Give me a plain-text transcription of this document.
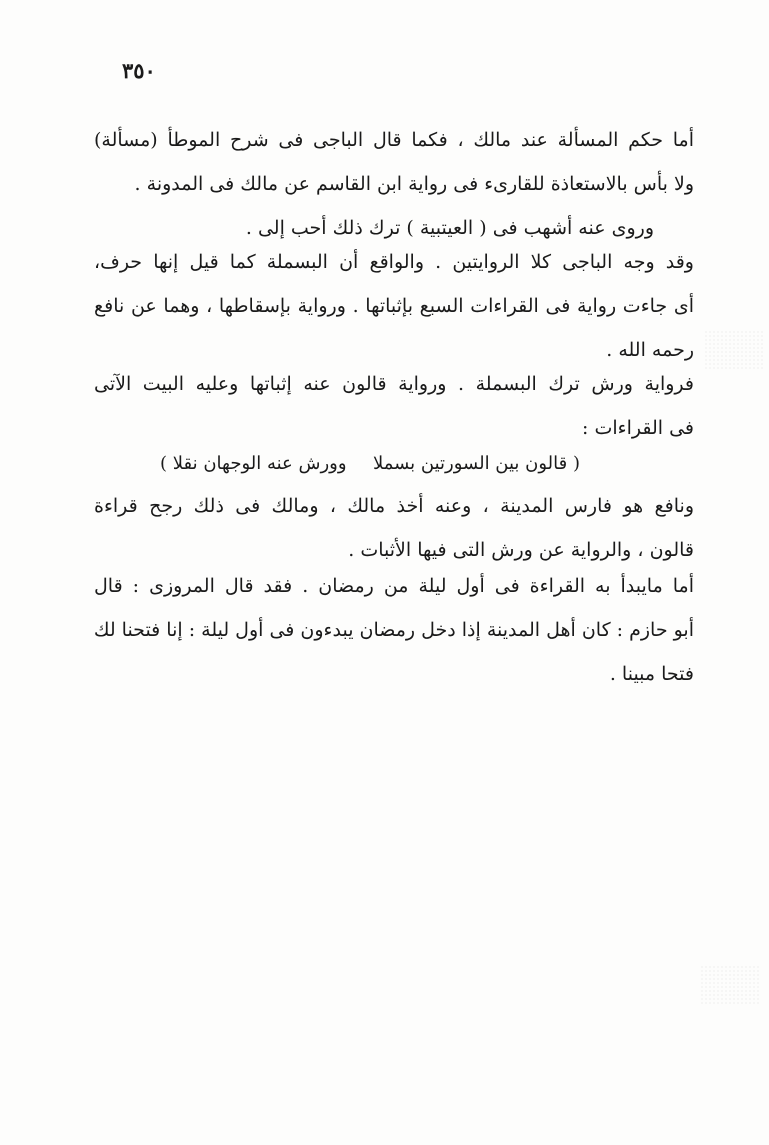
٣٥٠
أما حكم المسألة عند مالك ، فكما قال الباجى فى شرح الموطأ (مسألة)
ولا بأس بالاستعاذة للقارىء فى رواية ابن القاسم عن مالك فى المدونة .
وروى عنه أشهب فى ( العيتبية ) ترك ذلك أحب إلى .
وقد وجه الباجى كلا الروايتين . والواقع أن البسملة كما قيل إنها حرف،
أى جاءت رواية فى القراءات السبع بإثباتها . ورواية بإسقاطها ، وهما عن نافع
رحمه الله .
فرواية ورش ترك البسملة . ورواية قالون عنه إثباتها وعليه البيت الآتى
فى القراءات :
( قالون بين السورتين بسملا
وورش عنه الوجهان نقلا )
ونافع هو فارس المدينة ، وعنه أخذ مالك ، ومالك فى ذلك رجح قراءة
قالون ، والرواية عن ورش التى فيها الأثبات .
أما مايبدأ به القراءة فى أول ليلة من رمضان . فقد قال المروزى : قال
أبو حازم : كان أهل المدينة إذا دخل رمضان يبدءون فى أول ليلة : إنا فتحنا لك
فتحا مبينا .
